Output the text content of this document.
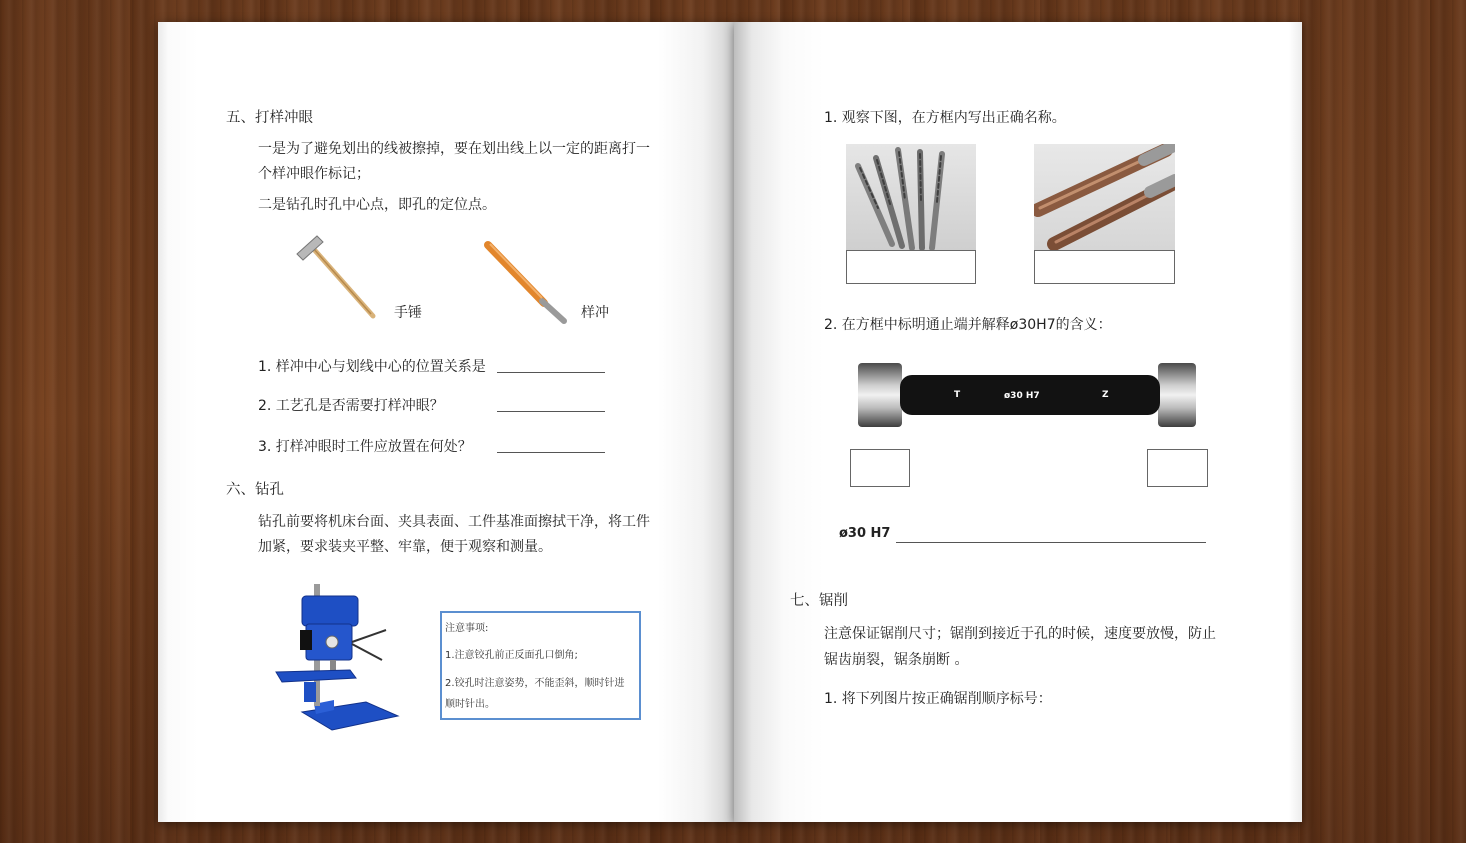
五、打样冲眼
一是为了避免划出的线被擦掉，要在划出线上以一定的距离打一
个样冲眼作标记；
二是钻孔时孔中心点，即孔的定位点。
手锤	样冲
1. 样冲中心与划线中心的位置关系是
2. 工艺孔是否需要打样冲眼？
3. 打样冲眼时工件应放置在何处？
六、钻孔
钻孔前要将机床台面、夹具表面、工件基准面擦拭干净，将工件
加紧，要求装夹平整、牢靠，便于观察和测量。
注意事项:
1.注意铰孔前正反面孔口倒角;
2.铰孔时注意姿势，不能歪斜，顺时针进
顺时针出。
1. 观察下图，在方框内写出正确名称。
2. 在方框中标明通止端并解释ø30H7的含义：
T	ø30 H7	Z
ø30 H7
七、锯削
注意保证锯削尺寸；锯削到接近于孔的时候，速度要放慢，防止
锯齿崩裂，锯条崩断 。
1. 将下列图片按正确锯削顺序标号：
